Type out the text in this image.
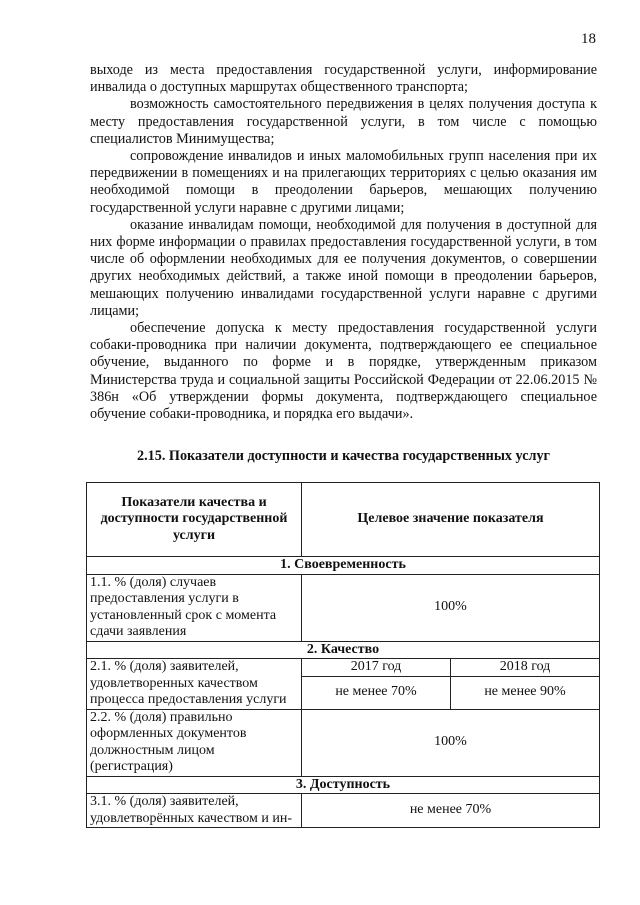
18

выходе из места предоставления государственной услуги, информирование инвалида о доступных маршрутах общественного транспорта;

возможность самостоятельного передвижения в целях получения доступа к месту предоставления государственной услуги, в том числе с помощью специалистов Минимущества;

сопровождение инвалидов и иных маломобильных групп населения при их передвижении в помещениях и на прилегающих территориях с целью оказания им необходимой помощи в преодолении барьеров, мешающих получению государственной услуги наравне с другими лицами;

оказание инвалидам помощи, необходимой для получения в доступной для них форме информации о правилах предоставления государственной услуги, в том числе об оформлении необходимых для ее получения документов, о совершении других необходимых действий, а также иной помощи в преодолении барьеров, мешающих получению инвалидами государственной услуги наравне с другими лицами;

обеспечение допуска к месту предоставления государственной услуги собаки-проводника при наличии документа, подтверждающего ее специальное обучение, выданного по форме и в порядке, утвержденным приказом Министерства труда и социальной защиты Российской Федерации от 22.06.2015 № 386н «Об утверждении формы документа, подтверждающего специальное обучение собаки-проводника, и порядка его выдачи».

2.15. Показатели доступности и качества государственных услуг
Показатели качества и доступности государственной услуги	Целевое значение показателя	
1. Своевременность		
1.1. % (доля) случаев предоставления услуги в установленный срок с момента сдачи заявления	100%	
2. Качество		
2.1. % (доля) заявителей, удовлетворенных качеством процесса предоставления услуги	2017 год	2018 год
	не менее 70%	не менее 90%
2.2. % (доля) правильно оформленных документов должностным лицом (регистрация)	100%	
3. Доступность		
3.1. % (доля) заявителей, удовлетворённых качеством и ин-	не менее 70%	
